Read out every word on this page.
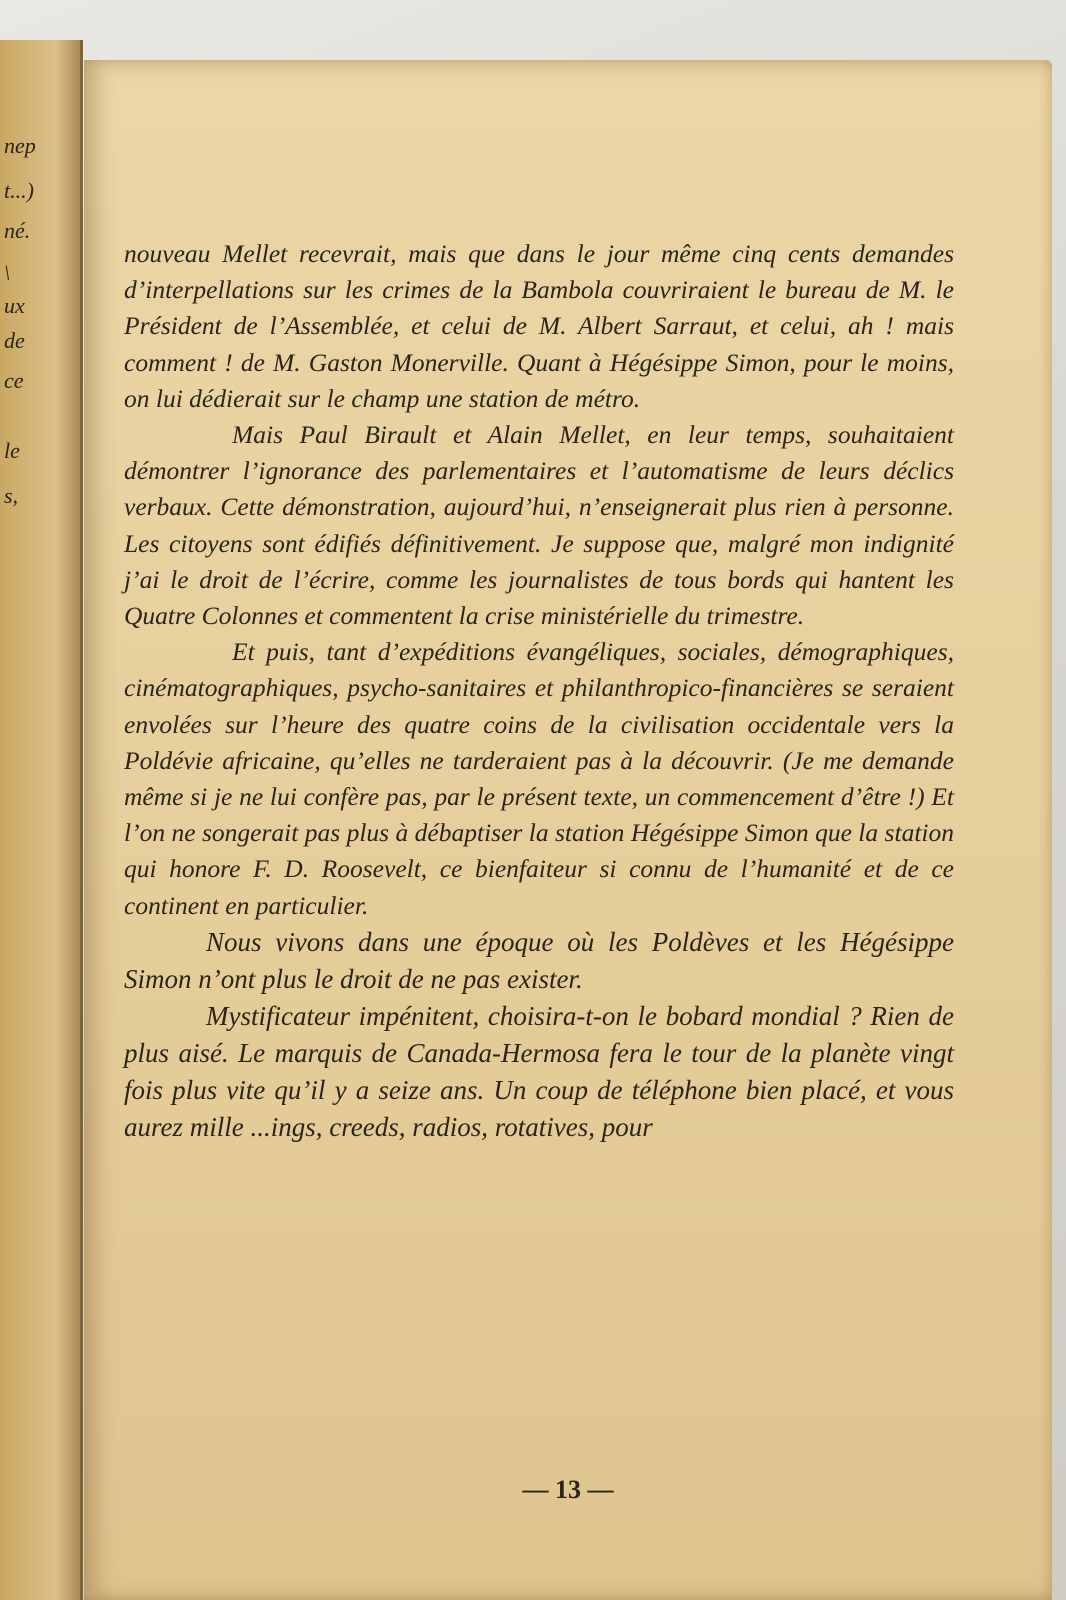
nep
t...)
né.
\
ux
de
ce
le
s,

nouveau Mellet recevrait, mais que dans le jour même cinq cents demandes d’interpellations sur les crimes de la Bambola couvriraient le bureau de M. le Président de l’Assemblée, et celui de M. Albert Sarraut, et celui, ah ! mais comment ! de M. Gaston Monerville. Quant à Hégésippe Simon, pour le moins, on lui dédierait sur le champ une station de métro.

Mais Paul Birault et Alain Mellet, en leur temps, souhaitaient démontrer l’ignorance des parlementaires et l’automatisme de leurs déclics verbaux. Cette démonstration, aujourd’hui, n’enseignerait plus rien à personne. Les citoyens sont édifiés définitivement. Je suppose que, malgré mon indignité j’ai le droit de l’écrire, comme les journalistes de tous bords qui hantent les Quatre Colonnes et commentent la crise ministérielle du trimestre.

Et puis, tant d’expéditions évangéliques, sociales, démographiques, cinématographiques, psycho-sanitaires et philanthropico-financières se seraient envolées sur l’heure des quatre coins de la civilisation occidentale vers la Poldévie africaine, qu’elles ne tarderaient pas à la découvrir. (Je me demande même si je ne lui confère pas, par le présent texte, un commencement d’être !) Et l’on ne songerait pas plus à débaptiser la station Hégésippe Simon que la station qui honore F. D. Roosevelt, ce bienfaiteur si connu de l’humanité et de ce continent en particulier.

Nous vivons dans une époque où les Poldèves et les Hégésippe Simon n’ont plus le droit de ne pas exister.

Mystificateur impénitent, choisira-t-on le bobard mondial ? Rien de plus aisé. Le marquis de Canada-Hermosa fera le tour de la planète vingt fois plus vite qu’il y a seize ans. Un coup de téléphone bien placé, et vous aurez mille ...ings, creeds, radios, rotatives, pour

— 13 —
